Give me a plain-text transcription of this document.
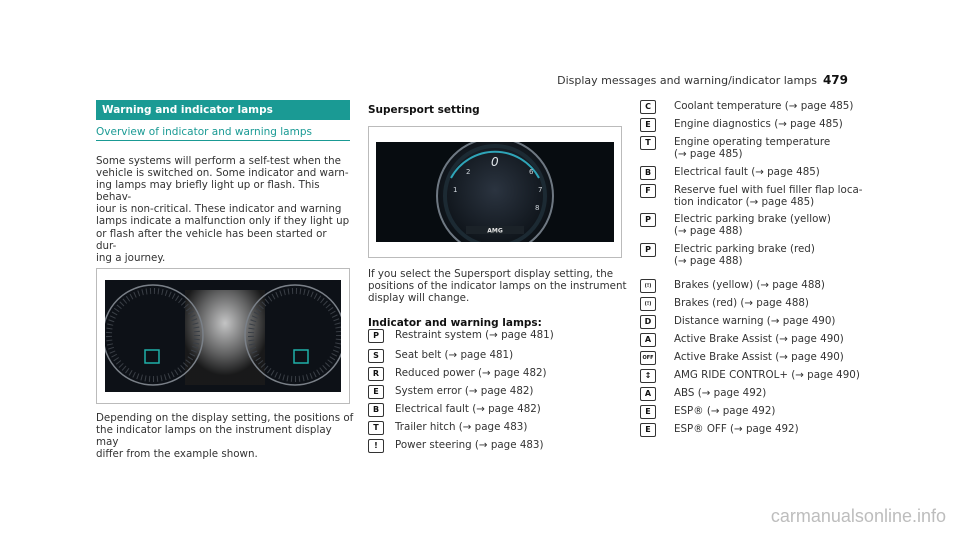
Display messages and warning/indicator lamps 479
Warning and indicator lamps
Overview of indicator and warning lamps

Some systems will perform a self-test when the

vehicle is switched on. Some indicator and warn-

ing lamps may briefly light up or flash. This behav-

iour is non-critical. These indicator and warning

lamps indicate a malfunction only if they light up

or flash after the vehicle has been started or dur-

ing a journey.

Depending on the display setting, the positions of

the indicator lamps on the instrument display may

differ from the example shown.

Supersport setting
1
2	6
7
8
0
AMG

If you select the Supersport display setting, the

positions of the indicator lamps on the instrument

display will change.

Indicator and warning lamps:
P	Restraint system (→ page 481)
S	Seat belt (→ page 481)
R	Reduced power (→ page 482)
E	System error (→ page 482)
B	Electrical fault (→ page 482)
T	Trailer hitch (→ page 483)
!	Power steering (→ page 483)
C	Coolant temperature (→ page 485)
E	Engine diagnostics (→ page 485)
T	Engine operating temperature
(→ page 485)
B	Electrical fault (→ page 485)
F	Reserve fuel with fuel filler flap loca-
tion indicator (→ page 485)
P	Electric parking brake (yellow)
(→ page 488)
P	Electric parking brake (red)
(→ page 488)
(!)	Brakes (yellow) (→ page 488)
(!)	Brakes (red) (→ page 488)
D	Distance warning (→ page 490)
A	Active Brake Assist (→ page 490)
OFF Active Brake Assist (→ page 490)
↕	AMG RIDE CONTROL+ (→ page 490)
A	ABS (→ page 492)
E	ESP® (→ page 492)
E	ESP® OFF (→ page 492)
carmanualsonline.info
